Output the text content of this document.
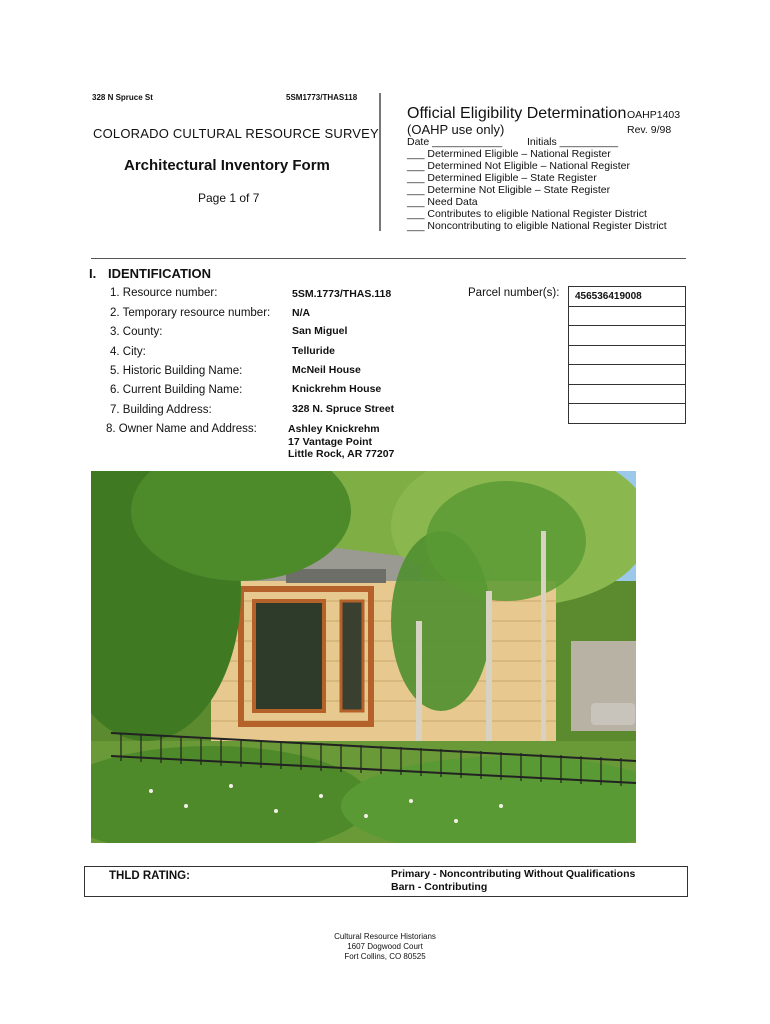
328 N Spruce St	5SM1773/THAS118
COLORADO CULTURAL RESOURCE SURVEY
Architectural Inventory Form
Page 1 of 7
Official Eligibility Determination OAHP1403
(OAHP use only)	Rev. 9/98
Date ____________ Initials __________
___ Determined Eligible – National Register
___ Determined Not Eligible – National Register
___ Determined Eligible – State Register
___ Determine Not Eligible – State Register
___ Need Data
___ Contributes to eligible National Register District
___ Noncontributing to eligible National Register District
I. IDENTIFICATION
1. Resource number:	5SM.1773/THAS.118
2. Temporary resource number: N/A
3. County:	San Miguel
4. City:	Telluride
5. Historic Building Name:	McNeil House
6. Current Building Name:	Knickrehm House
7. Building Address:	328 N. Spruce Street
8. Owner Name and Address:	Ashley Knickrehm
17 Vantage Point
Little Rock, AR 77207
Parcel number(s): 456536419008

THLD RATING:	Primary - Noncontributing Without Qualifications
Barn - Contributing
Cultural Resource Historians
1607 Dogwood Court
Fort Collins, CO 80525
